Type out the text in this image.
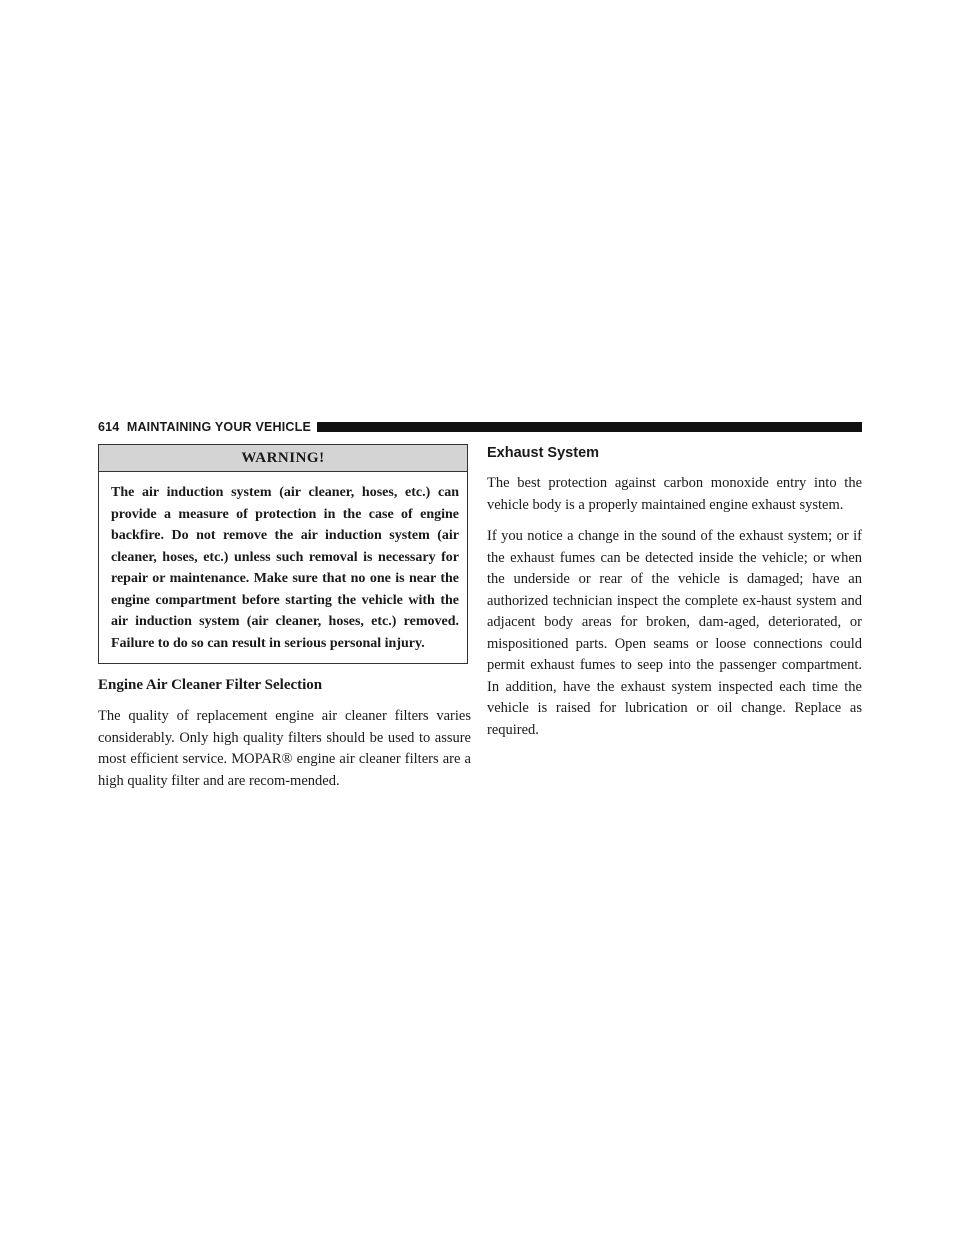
614 MAINTAINING YOUR VEHICLE
WARNING!
The air induction system (air cleaner, hoses, etc.) can provide a measure of protection in the case of engine backfire. Do not remove the air induction system (air cleaner, hoses, etc.) unless such removal is necessary for repair or maintenance. Make sure that no one is near the engine compartment before starting the vehicle with the air induction system (air cleaner, hoses, etc.) removed. Failure to do so can result in serious personal injury.
Engine Air Cleaner Filter Selection

The quality of replacement engine air cleaner filters varies considerably. Only high quality filters should be used to assure most efficient service. MOPAR® engine air cleaner filters are a high quality filter and are recom-mended.

Exhaust System

The best protection against carbon monoxide entry into the vehicle body is a properly maintained engine exhaust system.

If you notice a change in the sound of the exhaust system; or if the exhaust fumes can be detected inside the vehicle; or when the underside or rear of the vehicle is damaged; have an authorized technician inspect the complete ex-haust system and adjacent body areas for broken, dam-aged, deteriorated, or mispositioned parts. Open seams or loose connections could permit exhaust fumes to seep into the passenger compartment. In addition, have the exhaust system inspected each time the vehicle is raised for lubrication or oil change. Replace as required.
